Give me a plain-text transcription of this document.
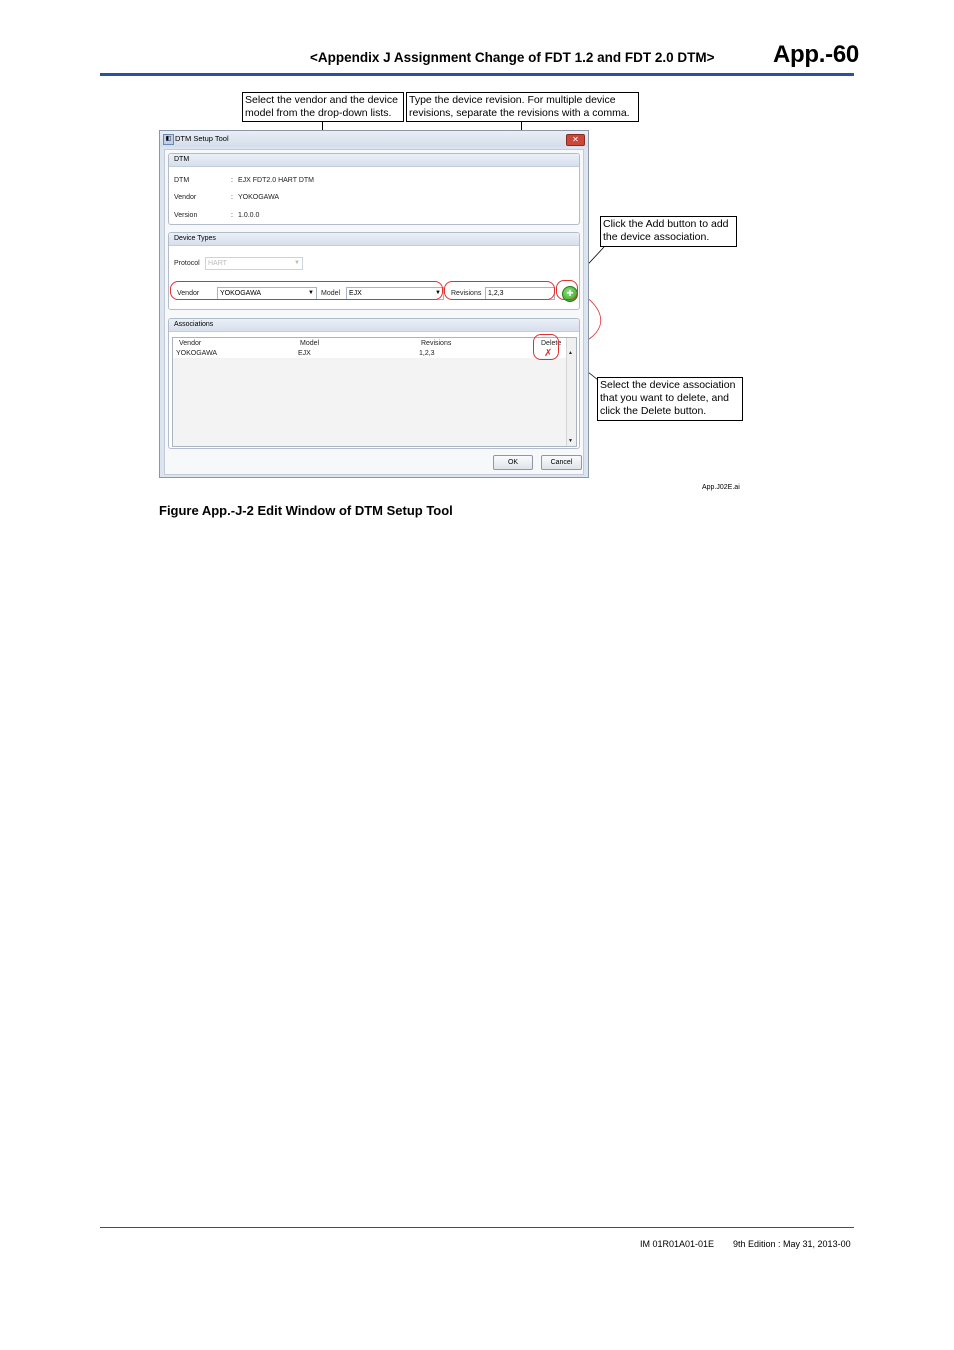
<Appendix J Assignment Change of FDT 1.2 and FDT 2.0 DTM> App.-60
Select the vendor and the device
model from the drop-down lists.
Type the device revision. For multiple device
revisions, separate the revisions with a comma.
Click the Add button to add
the device association.
Select the device association
that you want to delete, and
click the Delete button.
◧ DTM Setup Tool	✕
DTM
DTM	: EJX FDT2.0 HART DTM
Vendor	: YOKOGAWA
Version	: 1.0.0.0
Device Types
Protocol	HART	▼
Vendor	YOKOGAWA	▼ Model	EJX	▼ Revisions 1,2,3	+
Associations
Vendor	Model	Revisions	Delete
YOKOGAWA	EJX	1,2,3	✗	▲
▼
OK	Cancel
App.J02E.ai
Figure App.-J-2 Edit Window of DTM Setup Tool
IM 01R01A01-01E 9th Edition : May 31, 2013-00
